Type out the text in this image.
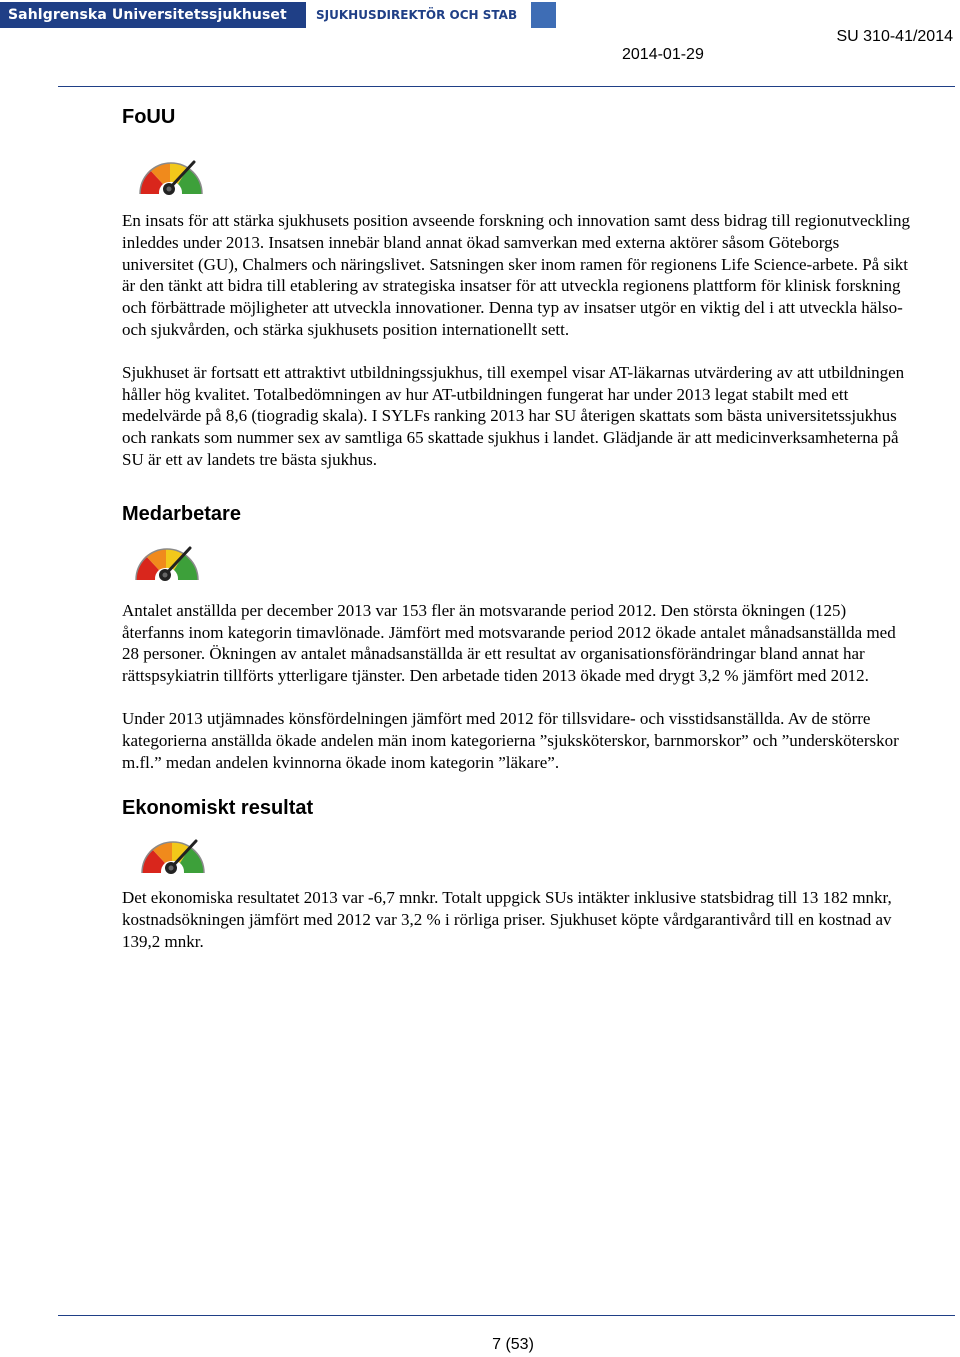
Sahlgrenska Universitetssjukhuset	SJUKHUSDIREKTÖR OCH STAB
SU 310-41/2014
2014-01-29
FoUU

En insats för att stärka sjukhusets position avseende forskning och innovation samt dess bidrag till regionutveckling inleddes under 2013. Insatsen innebär bland annat ökad samverkan med externa aktörer såsom Göteborgs universitet (GU), Chalmers och näringslivet. Satsningen sker inom ramen för regionens Life Science-arbete. På sikt är den tänkt att bidra till etablering av strategiska insatser för att utveckla regionens plattform för klinisk forskning och förbättrade möjligheter att utveckla innovationer. Denna typ av insatser utgör en viktig del i att utveckla hälso- och sjukvården, och stärka sjukhusets position internationellt sett.

Sjukhuset är fortsatt ett attraktivt utbildningssjukhus, till exempel visar AT-läkarnas utvärdering av att utbildningen håller hög kvalitet. Totalbedömningen av hur AT-utbildningen fungerat har under 2013 legat stabilt med ett medelvärde på 8,6 (tiogradig skala). I SYLFs ranking 2013 har SU återigen skattats som bästa universitetssjukhus och rankats som nummer sex av samtliga 65 skattade sjukhus i landet. Glädjande är att medicinverksamheterna på SU är ett av landets tre bästa sjukhus.

Medarbetare

Antalet anställda per december 2013 var 153 fler än motsvarande period 2012. Den största ökningen (125) återfanns inom kategorin timavlönade. Jämfört med motsvarande period 2012 ökade antalet månadsanställda med 28 personer. Ökningen av antalet månadsanställda är ett resultat av organisationsförändringar bland annat har rättspsykiatrin tillförts ytterligare tjänster. Den arbetade tiden 2013 ökade med drygt 3,2 % jämfört med 2012.

Under 2013 utjämnades könsfördelningen jämfört med 2012 för tillsvidare- och visstidsanställda. Av de större kategorierna anställda ökade andelen män inom kategorierna ”sjuksköterskor, barnmorskor” och ”undersköterskor m.fl.” medan andelen kvinnorna ökade inom kategorin ”läkare”.

Ekonomiskt resultat

Det ekonomiska resultatet 2013 var -6,7 mnkr. Totalt uppgick SUs intäkter inklusive statsbidrag till 13 182 mnkr, kostnadsökningen jämfört med 2012 var 3,2 % i rörliga priser. Sjukhuset köpte vårdgarantivård till en kostnad av 139,2 mnkr.

7 (53)
